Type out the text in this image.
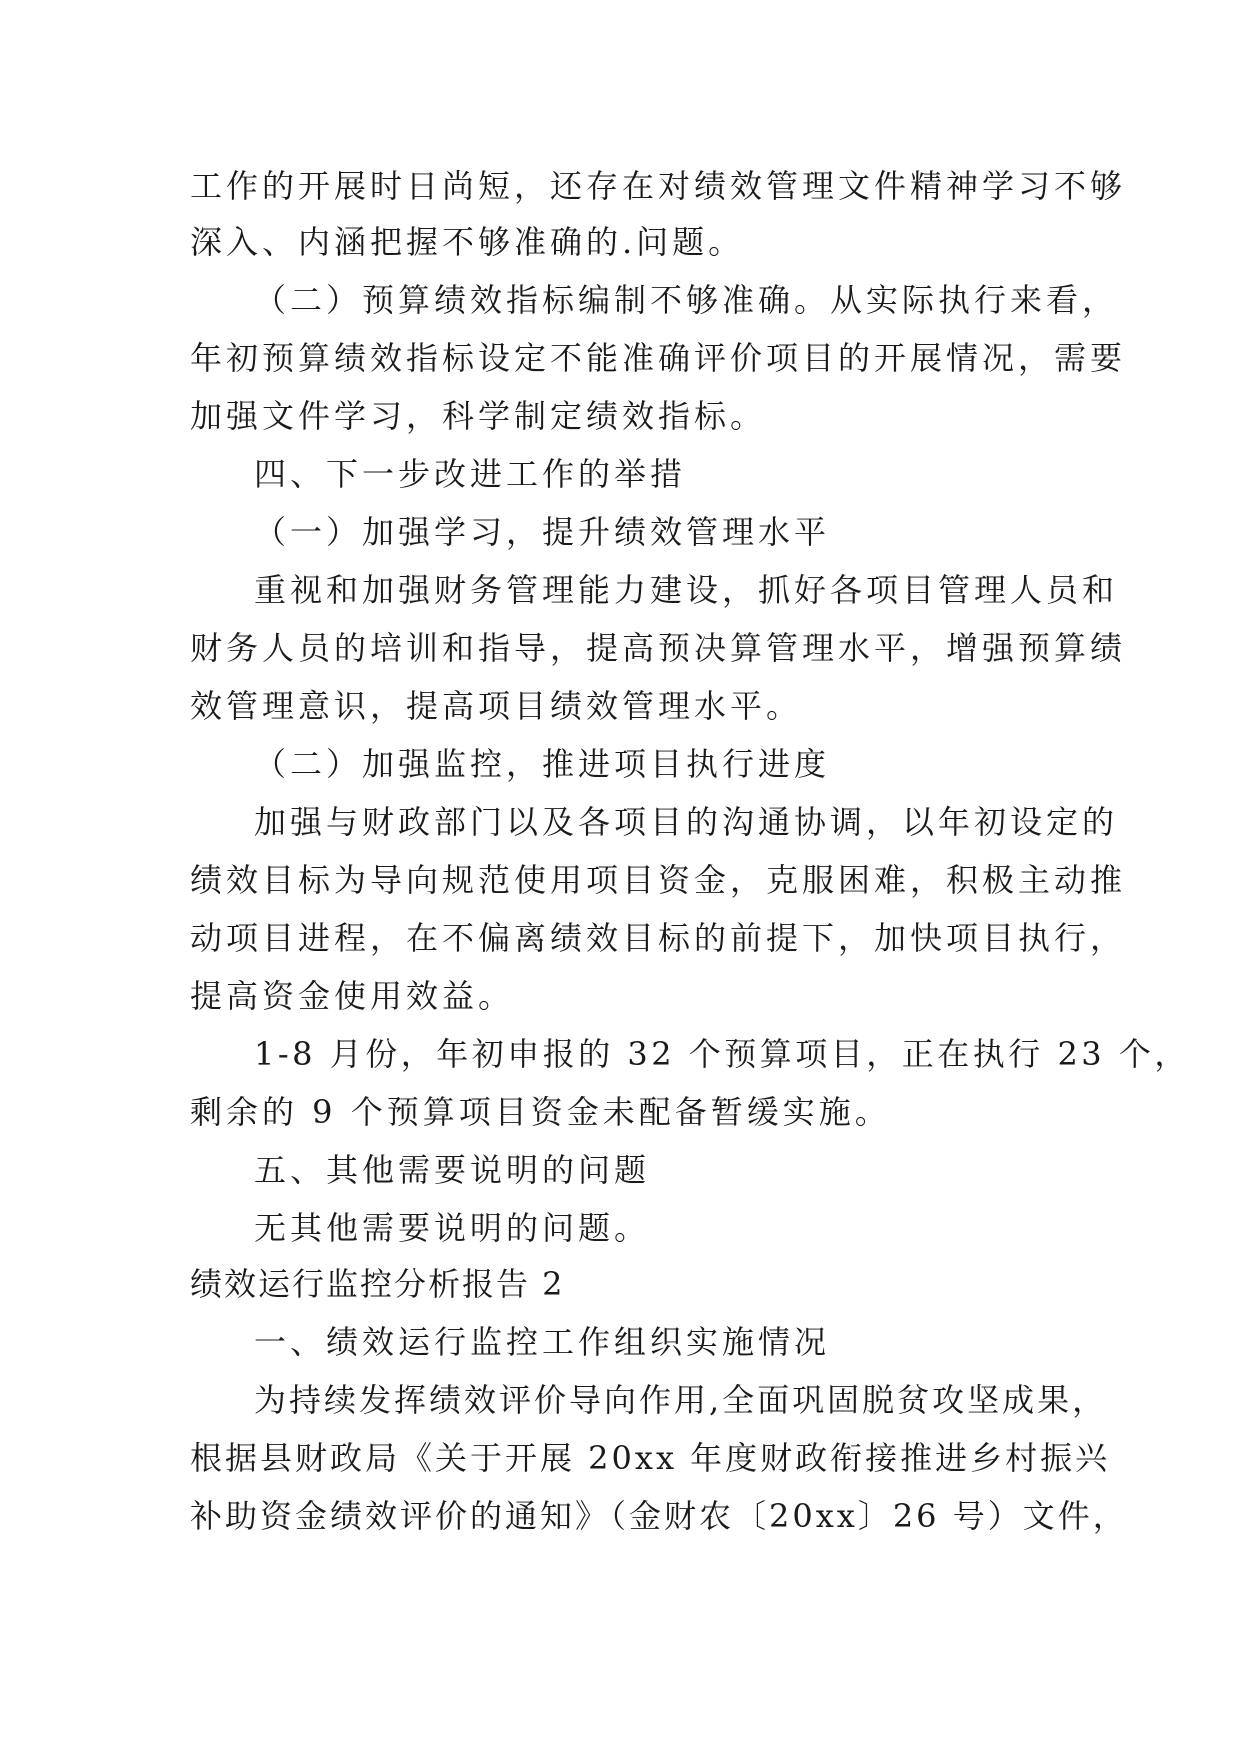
工作的开展时日尚短，还存在对绩效管理文件精神学习不够
深入、内涵把握不够准确的.问题。
（二）预算绩效指标编制不够准确。从实际执行来看，
年初预算绩效指标设定不能准确评价项目的开展情况，需要
加强文件学习，科学制定绩效指标。
四、下一步改进工作的举措
（一）加强学习，提升绩效管理水平
重视和加强财务管理能力建设，抓好各项目管理人员和
财务人员的培训和指导，提高预决算管理水平，增强预算绩
效管理意识，提高项目绩效管理水平。
（二）加强监控，推进项目执行进度
加强与财政部门以及各项目的沟通协调，以年初设定的
绩效目标为导向规范使用项目资金，克服困难，积极主动推
动项目进程，在不偏离绩效目标的前提下，加快项目执行，
提高资金使用效益。
1-8 月份，年初申报的 32 个预算项目，正在执行 23 个，
剩余的 9 个预算项目资金未配备暂缓实施。
五、其他需要说明的问题
无其他需要说明的问题。
绩效运行监控分析报告 2
一、绩效运行监控工作组织实施情况
为持续发挥绩效评价导向作用,全面巩固脱贫攻坚成果，
根据县财政局《关于开展 20xx 年度财政衔接推进乡村振兴
补助资金绩效评价的通知》（金财农〔20xx〕26 号）文件，
